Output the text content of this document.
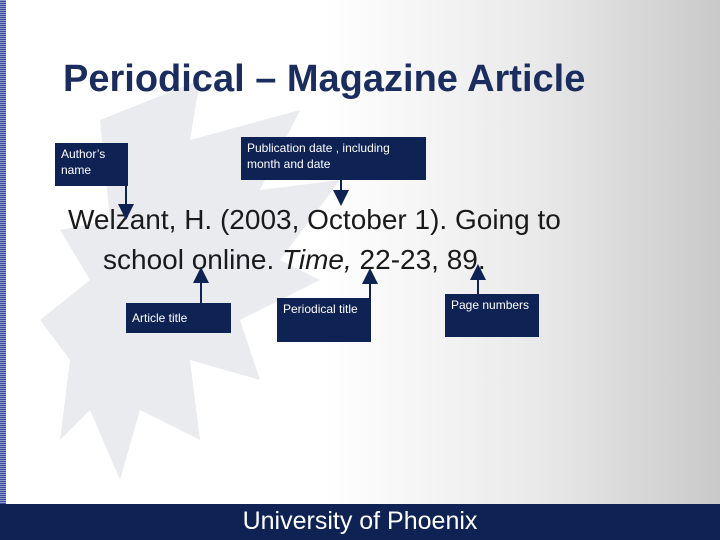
Periodical – Magazine Article
Author’s name
Publication date , including month and date
Welzant, H. (2003, October 1). Going to
school online. Time, 22-23, 89.
Article title
Periodical title	Page numbers
University of Phoenix
